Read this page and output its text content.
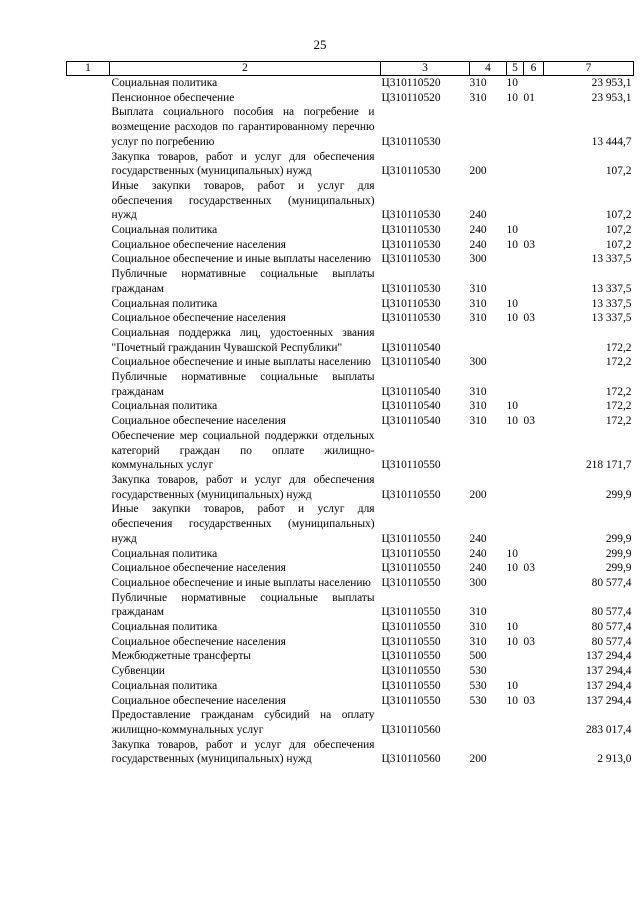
25
1	2	3	4	5	6	7
	Социальная политика	Ц310110520	310	10		23 953,1
	Пенсионное обеспечение	Ц310110520	310	10	01	23 953,1
	Выплата социального пособия на погребение и возмещение расходов по гарантированному перечню услуг по погребению	Ц310110530				13 444,7
	Закупка товаров, работ и услуг для обеспечения государственных (муниципальных) нужд	Ц310110530	200			107,2
	Иные закупки товаров, работ и услуг для обеспечения государственных (муниципальных) нужд	Ц310110530	240			107,2
	Социальная политика	Ц310110530	240	10		107,2
	Социальное обеспечение населения	Ц310110530	240	10	03	107,2
	Социальное обеспечение и иные выплаты населению	Ц310110530	300			13 337,5
	Публичные нормативные социальные выплаты гражданам	Ц310110530	310			13 337,5
	Социальная политика	Ц310110530	310	10		13 337,5
	Социальное обеспечение населения	Ц310110530	310	10	03	13 337,5
	Социальная поддержка лиц, удостоенных звания "Почетный гражданин Чувашской Республики"	Ц310110540				172,2
	Социальное обеспечение и иные выплаты населению	Ц310110540	300			172,2
	Публичные нормативные социальные выплаты гражданам	Ц310110540	310			172,2
	Социальная политика	Ц310110540	310	10		172,2
	Социальное обеспечение населения	Ц310110540	310	10	03	172,2
	Обеспечение мер социальной поддержки отдельных категорий граждан по оплате жилищно-коммунальных услуг	Ц310110550				218 171,7
	Закупка товаров, работ и услуг для обеспечения государственных (муниципальных) нужд	Ц310110550	200			299,9
	Иные закупки товаров, работ и услуг для обеспечения государственных (муниципальных) нужд	Ц310110550	240			299,9
	Социальная политика	Ц310110550	240	10		299,9
	Социальное обеспечение населения	Ц310110550	240	10	03	299,9
	Социальное обеспечение и иные выплаты населению	Ц310110550	300			80 577,4
	Публичные нормативные социальные выплаты гражданам	Ц310110550	310			80 577,4
	Социальная политика	Ц310110550	310	10		80 577,4
	Социальное обеспечение населения	Ц310110550	310	10	03	80 577,4
	Межбюджетные трансферты	Ц310110550	500			137 294,4
	Субвенции	Ц310110550	530			137 294,4
	Социальная политика	Ц310110550	530	10		137 294,4
	Социальное обеспечение населения	Ц310110550	530	10	03	137 294,4
	Предоставление гражданам субсидий на оплату жилищно-коммунальных услуг	Ц310110560				283 017,4
	Закупка товаров, работ и услуг для обеспечения государственных (муниципальных) нужд	Ц310110560	200			2 913,0
